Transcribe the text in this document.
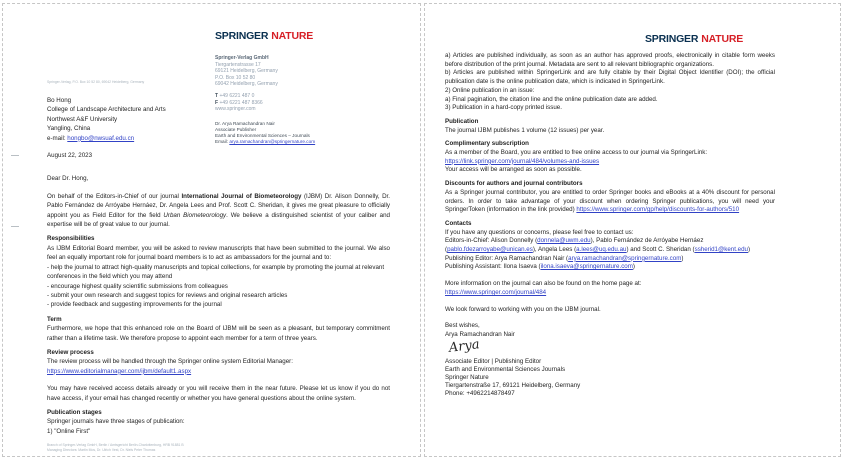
SPRINGER NATURE
Springer-Verlag GmbH
Tiergartenstrasse 17
69121 Heidelberg, Germany
P.O. Box 10 52 80
69042 Heidelberg, Germany
T +49 6221 487 0
F +49 6221 487 8366
www.springer.com
Dr. Arya Ramachandran Nair
Associate Publisher
Earth and Environmental Sciences – Journals
Email: arya.ramachandran@springernature.com
Springer-Verlag, P.O. Box 10 52 80, 69042 Heidelberg, Germany
Bo Hong
College of Landscape Architecture and Arts
Northwest A&F University
Yangling, China
e-mail: hongbo@nwsuaf.edu.cn
August 22, 2023
Dear Dr. Hong,
On behalf of the Editors-in-Chief of our journal International Journal of Biometeorology (IJBM) Dr. Alison Donnelly, Dr. Pablo Fernández de Arróyabe Hernáez, Dr. Angela Lees and Prof. Scott C. Sheridan, it gives me great pleasure to officially appoint you as Field Editor for the field Urban Biometeorology. We believe a distinguished scientist of your caliber and expertise will be of great value to our journal.
Responsibilities
As IJBM Editorial Board member, you will be asked to review manuscripts that have been submitted to the journal. We also feel an equally important role for journal board members is to act as ambassadors for the journal and to:
- help the journal to attract high-quality manuscripts and topical collections, for example by promoting the journal at relevant conferences in the field which you may attend
- encourage highest quality scientific submissions from colleagues
- submit your own research and suggest topics for reviews and original research articles
- provide feedback and suggesting improvements for the journal
Term
Furthermore, we hope that this enhanced role on the Board of IJBM will be seen as a pleasant, but temporary commitment rather than a lifetime task. We therefore propose to appoint each member for a term of three years.
Review process
The review process will be handled through the Springer online system Editorial Manager:
https://www.editorialmanager.com/ijbm/default1.aspx
You may have received access details already or you will receive them in the near future. Please let us know if you do not have access, if your email has changed recently or whether you have general questions about the online system.
Publication stages
Springer journals have three stages of publication:
1) "Online First"
Branch of Springer-Verlag GmbH, Berlin / Amtsgericht Berlin-Charlottenburg, HRB 91881 B
Managing Directors: Martin Mos, Dr. Ulrich Vest, Dr. Niels Peter Thomas
SPRINGER NATURE
a) Articles are published individually, as soon as an author has approved proofs, electronically in citable form weeks before distribution of the print journal. Metadata are sent to all relevant bibliographic organizations.
b) Articles are published within SpringerLink and are fully citable by their Digital Object Identifier (DOI); the official publication date is the online publication date, which is indicated in SpringerLink.
2) Online publication in an issue:
a) Final pagination, the citation line and the online publication date are added.
3) Publication in a hard-copy printed issue.
Publication
The journal IJBM publishes 1 volume (12 issues) per year.
Complimentary subscription
As a member of the Board, you are entitled to free online access to our journal via SpringerLink:
https://link.springer.com/journal/484/volumes-and-issues
Your access will be arranged as soon as possible.
Discounts for authors and journal contributors
As a Springer journal contributor, you are entitled to order Springer books and eBooks at a 40% discount for personal orders. In order to take advantage of your discount when ordering Springer publications, you will need your SpringerToken (information in the link provided) https://www.springer.com/gp/help/discounts-for-authors/510
Contacts
If you have any questions or concerns, please feel free to contact us:
Editors-in-Chief: Alison Donnelly (donnela@uwm.edu), Pablo Fernández de Arróyabe Hernáez (pablo.fdezarroyabe@unican.es), Angela Lees (a.lees@uq.edu.au) and Scott C. Sheridan (ssherid1@kent.edu)
Publishing Editor: Arya Ramachandran Nair (arya.ramachandran@springernature.com)
Publishing Assistant: Ilona Isaeva (ilona.isaeva@springernature.com)
More information on the journal can also be found on the home page at:
https://www.springer.com/journal/484
We look forward to working with you on the IJBM journal.
Best wishes,
Arya Ramachandran Nair
Arya
Associate Editor | Publishing Editor
Earth and Environmental Sciences Journals
Springer Nature
Tiergartenstraße 17, 69121 Heidelberg, Germany
Phone: +4962214878497
